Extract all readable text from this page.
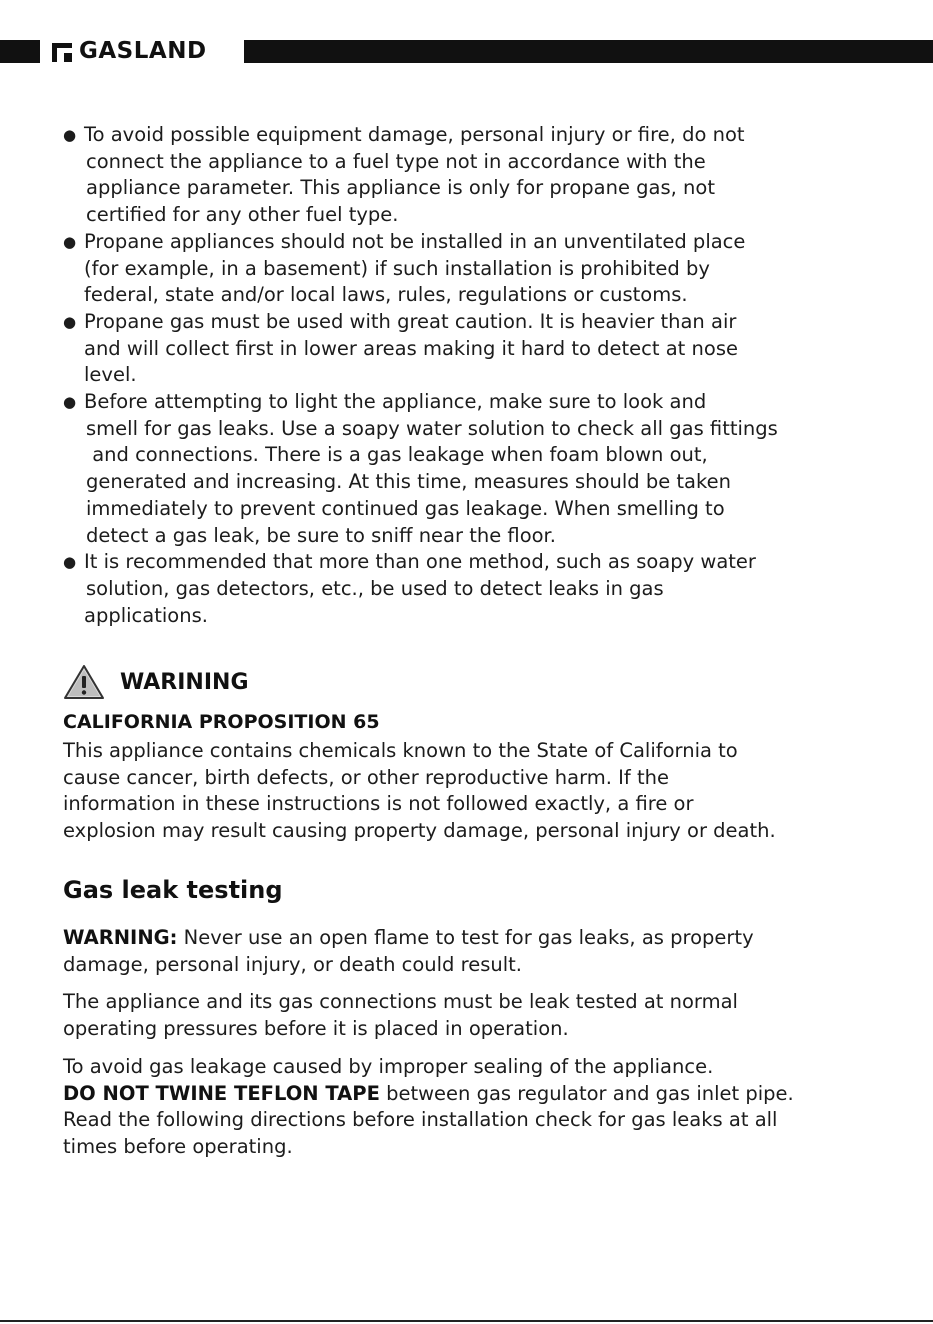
GASLAND
● To avoid possible equipment damage, personal injury or fire, do not
connect the appliance to a fuel type not in accordance with the
appliance parameter. This appliance is only for propane gas, not
certified for any other fuel type.
● Propane appliances should not be installed in an unventilated place
(for example, in a basement) if such installation is prohibited by
federal, state and/or local laws, rules, regulations or customs.
● Propane gas must be used with great caution. It is heavier than air
and will collect first in lower areas making it hard to detect at nose
level.
● Before attempting to light the appliance, make sure to look and
smell for gas leaks. Use a soapy water solution to check all gas fittings
and connections. There is a gas leakage when foam blown out,
generated and increasing. At this time, measures should be taken
immediately to prevent continued gas leakage. When smelling to
detect a gas leak, be sure to sniff near the floor.
● It is recommended that more than one method, such as soapy water
solution, gas detectors, etc., be used to detect leaks in gas
applications.
WARINING
CALIFORNIA PROPOSITION 65
This appliance contains chemicals known to the State of California to
cause cancer, birth defects, or other reproductive harm. If the
information in these instructions is not followed exactly, a fire or
explosion may result causing property damage, personal injury or death.
Gas leak testing
WARNING: Never use an open flame to test for gas leaks, as property
damage, personal injury, or death could result.
The appliance and its gas connections must be leak tested at normal
operating pressures before it is placed in operation.
To avoid gas leakage caused by improper sealing of the appliance.
DO NOT TWINE TEFLON TAPE between gas regulator and gas inlet pipe.
Read the following directions before installation check for gas leaks at all
times before operating.
